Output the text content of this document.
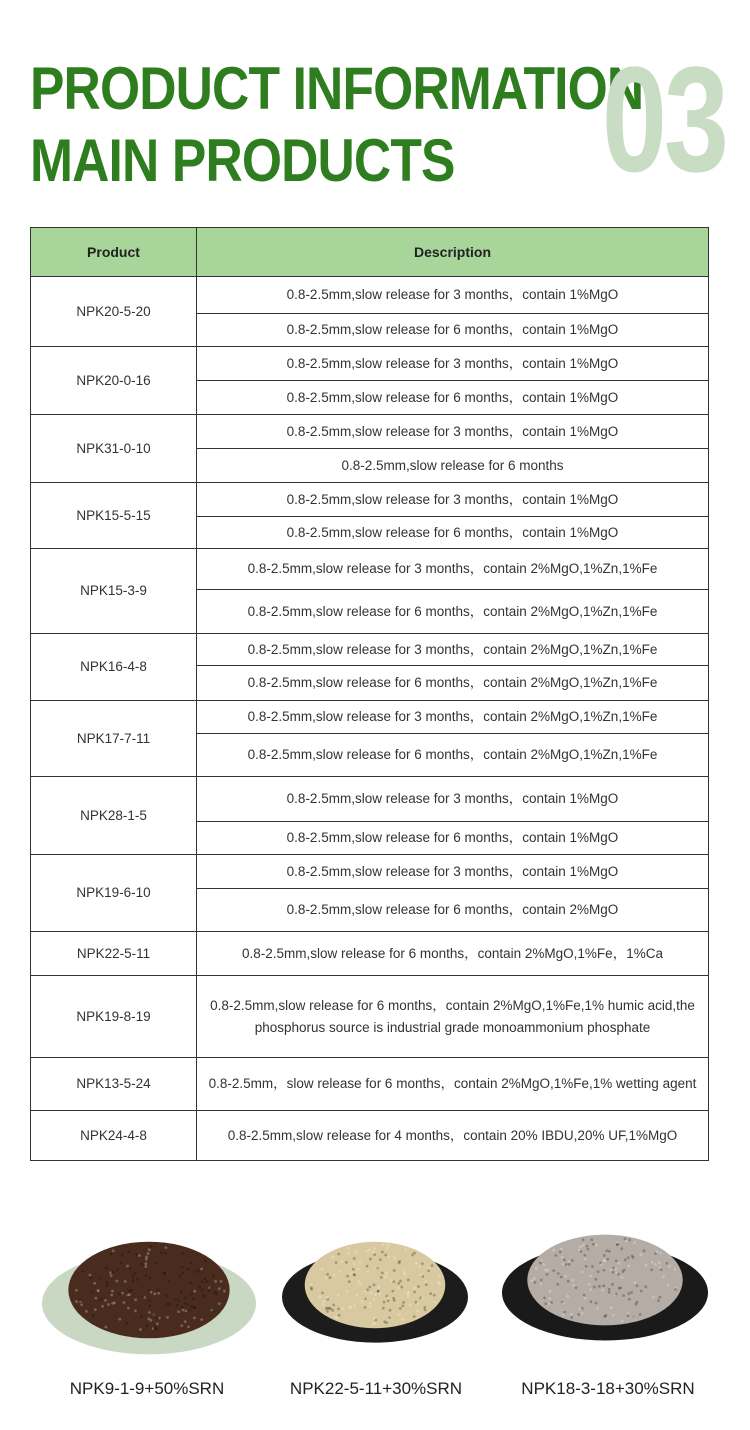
PRODUCT INFORMATION
MAIN PRODUCTS 03
Product	Description
NPK20-5-20	0.8-2.5mm,slow release for 3 months，contain 1%MgO
	0.8-2.5mm,slow release for 6 months，contain 1%MgO
NPK20-0-16	0.8-2.5mm,slow release for 3 months，contain 1%MgO
	0.8-2.5mm,slow release for 6 months，contain 1%MgO
NPK31-0-10	0.8-2.5mm,slow release for 3 months，contain 1%MgO
	0.8-2.5mm,slow release for 6 months
NPK15-5-15	0.8-2.5mm,slow release for 3 months，contain 1%MgO
	0.8-2.5mm,slow release for 6 months，contain 1%MgO
NPK15-3-9	0.8-2.5mm,slow release for 3 months，contain 2%MgO,1%Zn,1%Fe
	0.8-2.5mm,slow release for 6 months，contain 2%MgO,1%Zn,1%Fe
NPK16-4-8	0.8-2.5mm,slow release for 3 months，contain 2%MgO,1%Zn,1%Fe
	0.8-2.5mm,slow release for 6 months，contain 2%MgO,1%Zn,1%Fe
NPK17-7-11	0.8-2.5mm,slow release for 3 months，contain 2%MgO,1%Zn,1%Fe
	0.8-2.5mm,slow release for 6 months，contain 2%MgO,1%Zn,1%Fe
NPK28-1-5	0.8-2.5mm,slow release for 3 months，contain 1%MgO
	0.8-2.5mm,slow release for 6 months，contain 1%MgO
NPK19-6-10	0.8-2.5mm,slow release for 3 months，contain 1%MgO
	0.8-2.5mm,slow release for 6 months，contain 2%MgO
NPK22-5-11	0.8-2.5mm,slow release for 6 months，contain 2%MgO,1%Fe，1%Ca
NPK19-8-19	0.8-2.5mm,slow release for 6 months，contain 2%MgO,1%Fe,1% humic acid,the phosphorus source is industrial grade monoammonium phosphate
NPK13-5-24	0.8-2.5mm，slow release for 6 months，contain 2%MgO,1%Fe,1% wetting agent
NPK24-4-8	0.8-2.5mm,slow release for 4 months，contain 20% IBDU,20% UF,1%MgO
NPK9-1-9+50%SRN	NPK22-5-11+30%SRN	NPK18-3-18+30%SRN
